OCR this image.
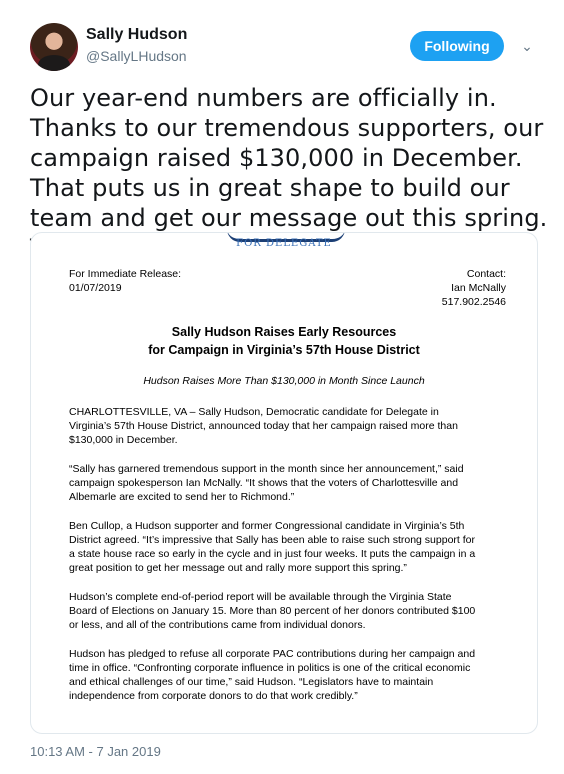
Sally Hudson
@SallyLHudson
Following	⌄
Our year-end numbers are officially in. Thanks to our tremendous supporters, our campaign raised $130,000 in December. That puts us in great shape to build our team and get our message out this spring.
FOR DELEGATE
For Immediate Release:
01/07/2019
Contact:
Ian McNally
517.902.2546
Sally Hudson Raises Early Resources
for Campaign in Virginia’s 57th House District
Hudson Raises More Than $130,000 in Month Since Launch
CHARLOTTESVILLE, VA – Sally Hudson, Democratic candidate for Delegate in
Virginia’s 57th House District, announced today that her campaign raised more than
$130,000 in December.
“Sally has garnered tremendous support in the month since her announcement,” said
campaign spokesperson Ian McNally. “It shows that the voters of Charlottesville and
Albemarle are excited to send her to Richmond.”
Ben Cullop, a Hudson supporter and former Congressional candidate in Virginia’s 5th
District agreed. “It’s impressive that Sally has been able to raise such strong support for
a state house race so early in the cycle and in just four weeks. It puts the campaign in a
great position to get her message out and rally more support this spring.”
Hudson’s complete end-of-period report will be available through the Virginia State
Board of Elections on January 15. More than 80 percent of her donors contributed $100
or less, and all of the contributions came from individual donors.
Hudson has pledged to refuse all corporate PAC contributions during her campaign and
time in office. “Confronting corporate influence in politics is one of the critical economic
and ethical challenges of our time,” said Hudson. “Legislators have to maintain
independence from corporate donors to do that work credibly.”
10:13 AM - 7 Jan 2019
